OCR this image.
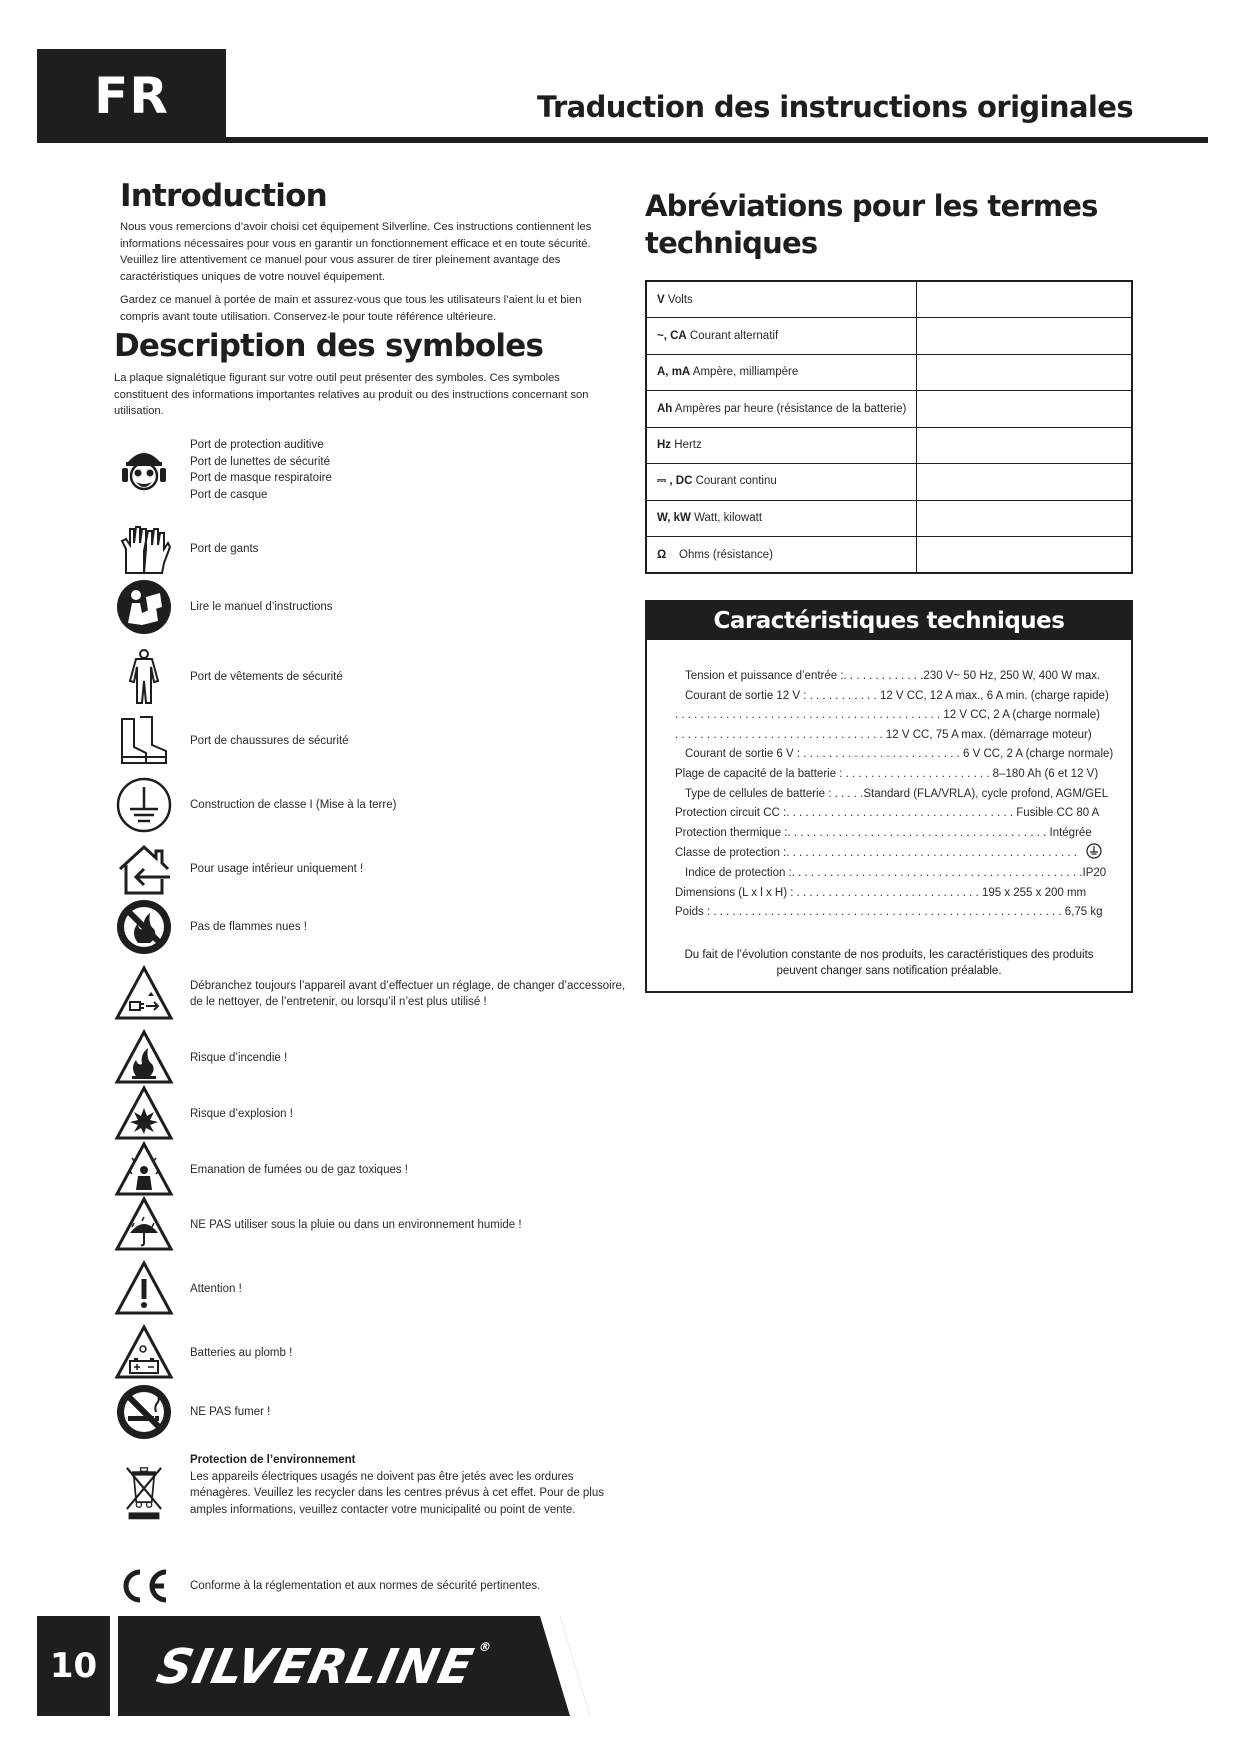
FR	Traduction des instructions originales
Introduction
Nous vous remercions d’avoir choisi cet équipement Silverline. Ces instructions contiennent les
informations nécessaires pour vous en garantir un fonctionnement efficace et en toute sécurité.
Veuillez lire attentivement ce manuel pour vous assurer de tirer pleinement avantage des
caractéristiques uniques de votre nouvel équipement.
Gardez ce manuel à portée de main et assurez-vous que tous les utilisateurs l’aient lu et bien
compris avant toute utilisation. Conservez-le pour toute référence ultérieure.
Description des symboles
La plaque signalétique figurant sur votre outil peut présenter des symboles. Ces symboles
constituent des informations importantes relatives au produit ou des instructions concernant son
utilisation.
Port de protection auditive
Port de lunettes de sécurité
Port de masque respiratoire
Port de casque
Port de gants
Lire le manuel d’instructions
Port de vêtements de sécurité
Port de chaussures de sécurité
Construction de classe I (Mise à la terre)
Pour usage intérieur uniquement !
Pas de flammes nues !
Débranchez toujours l’appareil avant d’effectuer un réglage, de changer d’accessoire,
de le nettoyer, de l’entretenir, ou lorsqu’il n’est plus utilisé !
Risque d’incendie !
Risque d’explosion !
Emanation de fumées ou de gaz toxiques !
NE PAS utiliser sous la pluie ou dans un environnement humide !
Attention !
Batteries au plomb !
NE PAS fumer !
Protection de l’environnement
Les appareils électriques usagés ne doivent pas être jetés avec les ordures
ménagères. Veuillez les recycler dans les centres prévus à cet effet. Pour de plus
amples informations, veuillez contacter votre municipalité ou point de vente.
Conforme à la réglementation et aux normes de sécurité pertinentes.
Abréviations pour les termes
techniques
V Volts	
~, CA Courant alternatif	
A, mA Ampère, milliampère	
Ah Ampères par heure (résistance de la batterie)	
Hz Hertz	
⎓ , DC Courant continu	
W, kW Watt, kilowatt	
Ω Ohms (résistance)	
Caractéristiques techniques
Tension et puissance d’entrée :. . . . . . . . . . . . .230 V~ 50 Hz, 250 W, 400 W max.
Courant de sortie 12 V : . . . . . . . . . . . 12 V CC, 12 A max., 6 A min. (charge rapide)
. . . . . . . . . . . . . . . . . . . . . . . . . . . . . . . . . . . . . . . . . . 12 V CC, 2 A (charge normale)
. . . . . . . . . . . . . . . . . . . . . . . . . . . . . . . . . 12 V CC, 75 A max. (démarrage moteur)
Courant de sortie 6 V : . . . . . . . . . . . . . . . . . . . . . . . . . 6 V CC, 2 A (charge normale)
Plage de capacité de la batterie : . . . . . . . . . . . . . . . . . . . . . . . 8–180 Ah (6 et 12 V)
Type de cellules de batterie : . . . . .Standard (FLA/VRLA), cycle profond, AGM/GEL
Protection circuit CC :. . . . . . . . . . . . . . . . . . . . . . . . . . . . . . . . . . . . Fusible CC 80 A
Protection thermique :. . . . . . . . . . . . . . . . . . . . . . . . . . . . . . . . . . . . . . . . . Intégrée
Classe de protection :. . . . . . . . . . . . . . . . . . . . . . . . . . . . . . . . . . . . . . . . . . . . . .
Indice de protection :. . . . . . . . . . . . . . . . . . . . . . . . . . . . . . . . . . . . . . . . . . . . . .IP20
Dimensions (L x l x H) : . . . . . . . . . . . . . . . . . . . . . . . . . . . . . 195 x 255 x 200 mm
Poids : . . . . . . . . . . . . . . . . . . . . . . . . . . . . . . . . . . . . . . . . . . . . . . . . . . . . . . . 6,75 kg
Du fait de l’évolution constante de nos produits, les caractéristiques des produits
peuvent changer sans notification préalable.
10 SILVERLINE
®
